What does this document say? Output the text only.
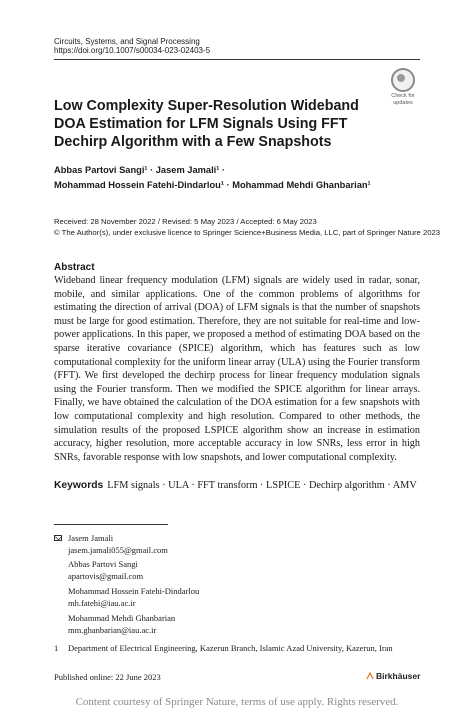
Circuits, Systems, and Signal Processing
https://doi.org/10.1007/s00034-023-02403-5
Check for
updates
Low Complexity Super-Resolution Wideband DOA Estimation for LFM Signals Using FFT Dechirp Algorithm with a Few Snapshots
Abbas Partovi Sangi¹ · Jasem Jamali¹ ·
Mohammad Hossein Fatehi-Dindarlou¹ · Mohammad Mehdi Ghanbarian¹
Received: 28 November 2022 / Revised: 5 May 2023 / Accepted: 6 May 2023
© The Author(s), under exclusive licence to Springer Science+Business Media, LLC, part of Springer Nature 2023
Abstract
Wideband linear frequency modulation (LFM) signals are widely used in radar, sonar, mobile, and similar applications. One of the common problems of algorithms for estimating the direction of arrival (DOA) of LFM signals is that the number of snapshots must be large for good estimation. Therefore, they are not suitable for real-time and low-power applications. In this paper, we proposed a method of estimating DOA based on the sparse iterative covariance (SPICE) algorithm, which has features such as low computational complexity for the uniform linear array (ULA) using the Fourier transform (FFT). We first developed the dechirp process for linear frequency modulation signals using the Fourier transform. Then we modified the SPICE algorithm for linear arrays. Finally, we have obtained the calculation of the DOA estimation for a few snapshots with low computational complexity and high resolution. Compared to other methods, the simulation results of the proposed LSPICE algorithm show an increase in estimation accuracy, higher resolution, more acceptable accuracy in low SNRs, less error in high SNRs, favorable response with low snapshots, and lower computational complexity.
Keywords LFM signals · ULA · FFT transform · LSPICE · Dechirp algorithm · AMV
Jasem Jamali
jasem.jamali055@gmail.com
Abbas Partovi Sangi
apartovis@gmail.com
Mohammad Hossein Fatehi-Dindarlou
mh.fatehi@iau.ac.ir
Mohammad Mehdi Ghanbarian
mm.ghanbarian@iau.ac.ir
1 Department of Electrical Engineering, Kazerun Branch, Islamic Azad University, Kazerun, Iran
Published online: 22 June 2023	Birkhäuser
Content courtesy of Springer Nature, terms of use apply. Rights reserved.
